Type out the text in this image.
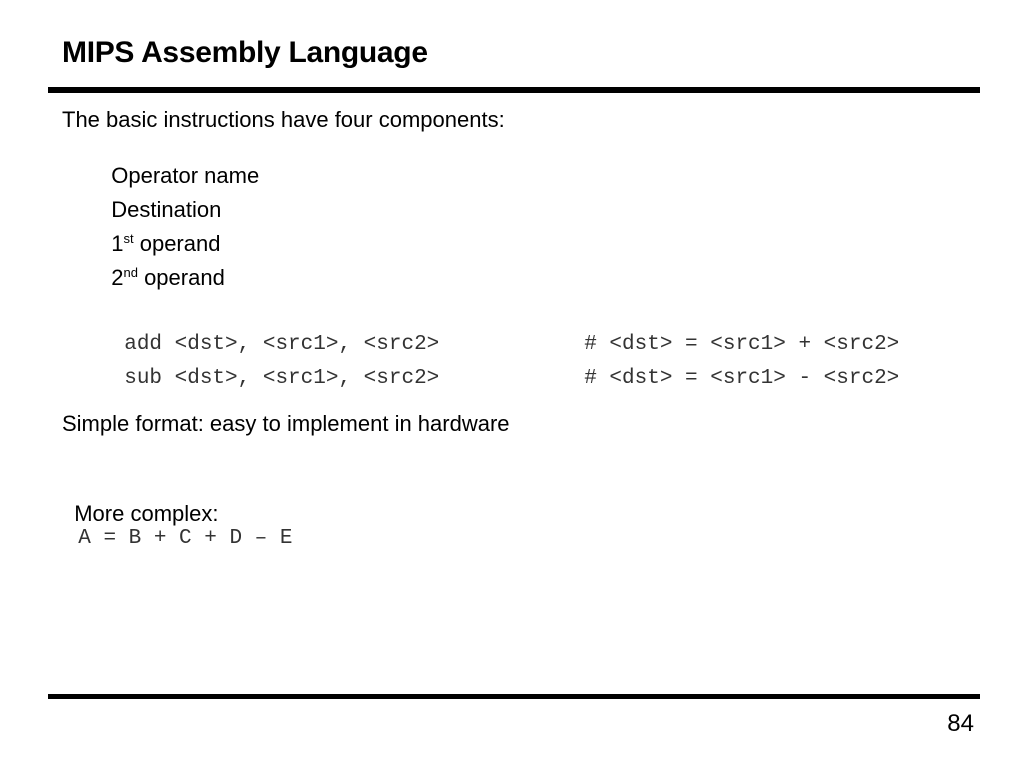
MIPS Assembly Language
The basic instructions have four components:

Operator name

Destination

1st operand

2nd operand

add <dst>, <src1>, <src2>	# <dst> = <src1> + <src2>

sub <dst>, <src1>, <src2>	# <dst> = <src1> - <src2>

Simple format: easy to implement in hardware

More complex:
A = B + C + D – E

84
